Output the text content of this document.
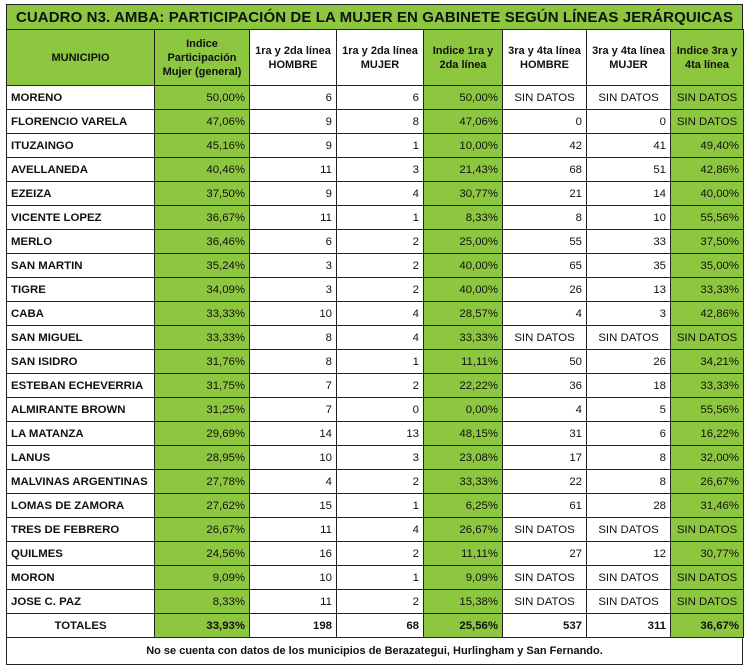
CUADRO N3. AMBA: PARTICIPACIÓN DE LA MUJER EN GABINETE SEGÚN LÍNEAS JERÁRQUICAS
MUNICIPIO	Indice Participación Mujer (general)	1ra y 2da línea HOMBRE	1ra y 2da línea MUJER	Indice 1ra y 2da línea	3ra y 4ta línea HOMBRE	3ra y 4ta línea MUJER	Indice 3ra y 4ta línea
MORENO	50,00%	6	6	50,00%	SIN DATOS	SIN DATOS	SIN DATOS
FLORENCIO VARELA	47,06%	9	8	47,06%	0	0	SIN DATOS
ITUZAINGO	45,16%	9	1	10,00%	42	41	49,40%
AVELLANEDA	40,46%	11	3	21,43%	68	51	42,86%
EZEIZA	37,50%	9	4	30,77%	21	14	40,00%
VICENTE LOPEZ	36,67%	11	1	8,33%	8	10	55,56%
MERLO	36,46%	6	2	25,00%	55	33	37,50%
SAN MARTIN	35,24%	3	2	40,00%	65	35	35,00%
TIGRE	34,09%	3	2	40,00%	26	13	33,33%
CABA	33,33%	10	4	28,57%	4	3	42,86%
SAN MIGUEL	33,33%	8	4	33,33%	SIN DATOS	SIN DATOS	SIN DATOS
SAN ISIDRO	31,76%	8	1	11,11%	50	26	34,21%
ESTEBAN ECHEVERRIA	31,75%	7	2	22,22%	36	18	33,33%
ALMIRANTE BROWN	31,25%	7	0	0,00%	4	5	55,56%
LA MATANZA	29,69%	14	13	48,15%	31	6	16,22%
LANUS	28,95%	10	3	23,08%	17	8	32,00%
MALVINAS ARGENTINAS	27,78%	4	2	33,33%	22	8	26,67%
LOMAS DE ZAMORA	27,62%	15	1	6,25%	61	28	31,46%
TRES DE FEBRERO	26,67%	11	4	26,67%	SIN DATOS	SIN DATOS	SIN DATOS
QUILMES	24,56%	16	2	11,11%	27	12	30,77%
MORON	9,09%	10	1	9,09%	SIN DATOS	SIN DATOS	SIN DATOS
JOSE C. PAZ	8,33%	11	2	15,38%	SIN DATOS	SIN DATOS	SIN DATOS
TOTALES	33,93%	198	68	25,56%	537	311	36,67%
No se cuenta con datos de los municipios de Berazategui, Hurlingham y San Fernando.
